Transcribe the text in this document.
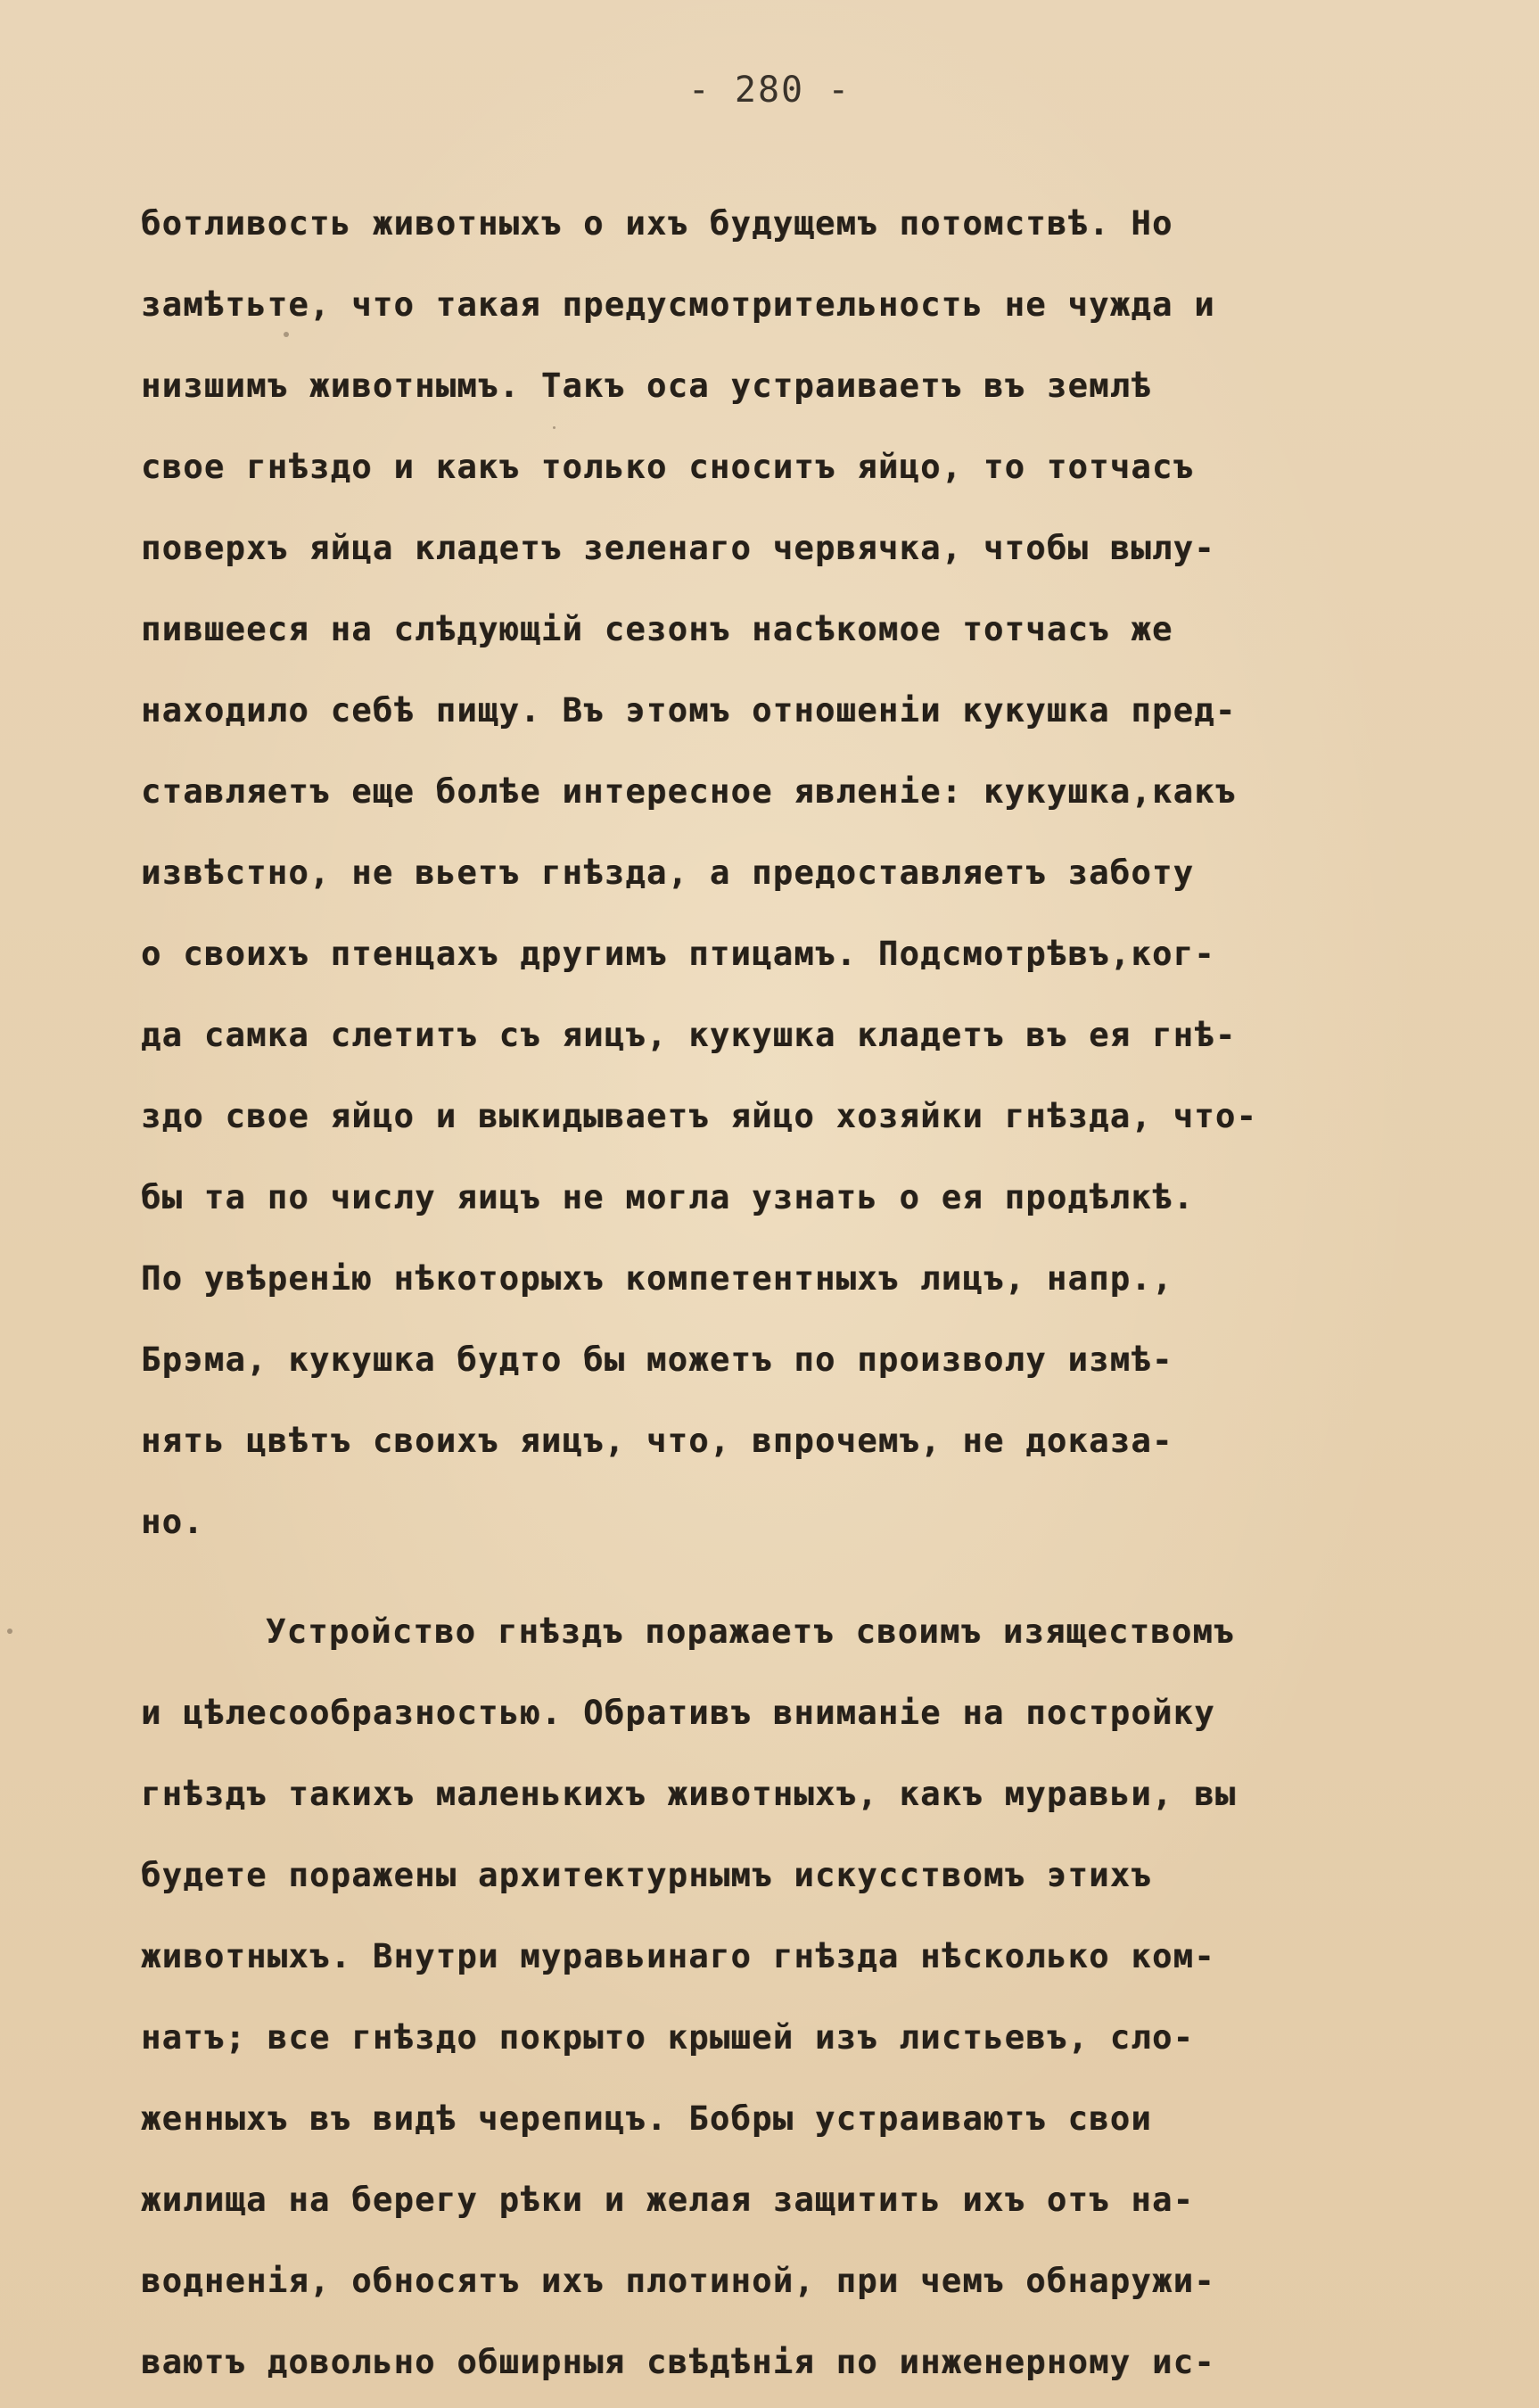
- 280 -
ботливость животныхъ о ихъ будущемъ потомствѣ. Но
замѣтьте, что такая предусмотрительность не чужда и
низшимъ животнымъ. Такъ оса устраиваетъ въ землѣ
свое гнѣздо и какъ только сноситъ яйцо, то тотчасъ
поверхъ яйца кладетъ зеленаго червячка, чтобы вылу-
пившееся на слѣдующiй сезонъ насѣкомое тотчасъ же
находило себѣ пищу. Въ этомъ отношенiи кукушка пред-
ставляетъ еще болѣе интересное явленiе: кукушка,какъ
извѣстно, не вьетъ гнѣзда, а предоставляетъ заботу
о своихъ птенцахъ другимъ птицамъ. Подсмотрѣвъ,ког-
да самка слетитъ съ яицъ, кукушка кладетъ въ ея гнѣ-
здо свое яйцо и выкидываетъ яйцо хозяйки гнѣзда, что-
бы та по числу яицъ не могла узнать о ея продѣлкѣ.
По увѣренiю нѣкоторыхъ компетентныхъ лицъ, напр.,
Брэма, кукушка будто бы можетъ по произволу измѣ-
нять цвѣтъ своихъ яицъ, что, впрочемъ, не доказа-
но.
Устройство гнѣздъ поражаетъ своимъ изяществомъ
и цѣлесообразностью. Обративъ вниманiе на постройку
гнѣздъ такихъ маленькихъ животныхъ, какъ муравьи, вы
будете поражены архитектурнымъ искусствомъ этихъ
животныхъ. Внутри муравьинаго гнѣзда нѣсколько ком-
натъ; все гнѣздо покрыто крышей изъ листьевъ, сло-
женныхъ въ видѣ черепицъ. Бобры устраиваютъ свои
жилища на берегу рѣки и желая защитить ихъ отъ на-
водненiя, обносятъ ихъ плотиной, при чемъ обнаружи-
ваютъ довольно обширныя свѣдѣнiя по инженерному ис-
